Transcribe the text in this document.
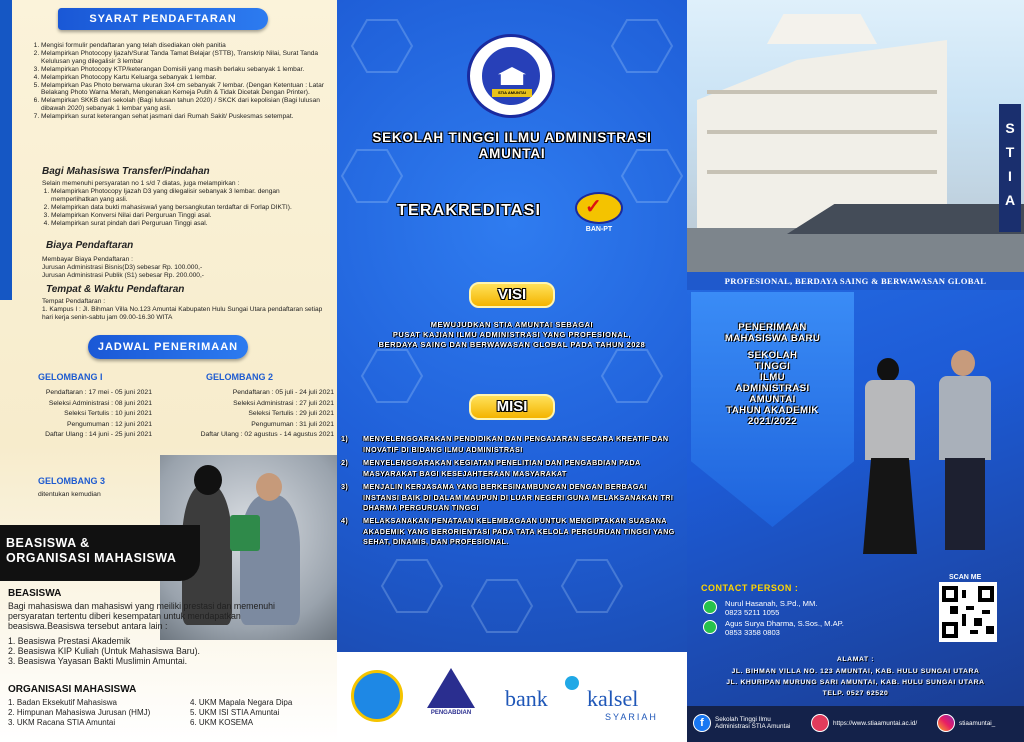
SYARAT PENDAFTARAN
1. Mengisi formulir pendaftaran yang telah disediakan oleh panitia
2. Melampirkan Photocopy Ijazah/Surat Tanda Tamat Belajar (STTB), Transkrip Nilai, Surat Tanda Kelulusan yang dilegalisir 3 lembar
3. Melampirkan Photocopy KTP/keterangan Domisili yang masih berlaku sebanyak 1 lembar.
4. Melampirkan Photocopy Kartu Keluarga sebanyak 1 lembar.
5. Melampirkan Pas Photo berwarna ukuran 3x4 cm sebanyak 7 lembar. (Dengan Ketentuan : Latar Belakang Photo Warna Merah, Mengenakan Kemeja Putih & Tidak Dicetak Dengan Printer).
6. Melampirkan SKKB dari sekolah (Bagi lulusan tahun 2020) / SKCK dari kepolisian (Bagi lulusan dibawah 2020) sebanyak 1 lembar yang asli.
7. Melampirkan surat keterangan sehat jasmani dari Rumah Sakit/ Puskesmas setempat.
Bagi Mahasiswa Transfer/Pindahan
Selain memenuhi persyaratan no 1 s/d 7 diatas, juga melampirkan :
1. Melampirkan Photocopy Ijazah D3 yang dilegalisir sebanyak 3 lembar. dengan memperlihatkan yang asli.
2. Melampirkan data bukti mahasiswa/i yang bersangkutan terdaftar di Forlap DIKTI).
3. Melampirkan Konversi Nilai dari Perguruan Tinggi asal.
4. Melampirkan surat pindah dari Perguruan Tinggi asal.
Biaya Pendaftaran
Membayar Biaya Pendaftaran :
Jurusan Administrasi Bisnis(D3) sebesar Rp. 100.000,-
Jurusan Administrasi Publik (S1) sebesar Rp. 200.000,-
Tempat & Waktu Pendaftaran
Tempat Pendaftaran :
1. Kampus I : Jl. Bihman Villa No.123 Amuntai Kabupaten Hulu Sungai Utara pendaftaran setiap hari kerja senin-sabtu jam 09.00-16.30 WITA
JADWAL PENERIMAAN
GELOMBANG I
Pendaftaran : 17 mei - 05 juni 2021
Seleksi Administrasi : 08 juni 2021
Seleksi Tertulis : 10 juni 2021
Pengumuman : 12 juni 2021
Daftar Ulang : 14 juni - 25 juni 2021
GELOMBANG 2
Pendaftaran : 05 juli - 24 juli 2021
Seleksi Administrasi : 27 juli 2021
Seleksi Tertulis : 29 juli 2021
Pengumuman : 31 juli 2021
Daftar Ulang : 02 agustus - 14 agustus 2021
GELOMBANG 3
ditentukan kemudian
BEASISWA &
ORGANISASI MAHASISWA
BEASISWA
Bagi mahasiswa dan mahasiswi yang meiliki prestasi dan memenuhi persyaratan tertentu diberi kesempatan untuk mendapatkan beasiswa.Beasiswa tersebut antara lain :
1. Beasiswa Prestasi Akademik
2. Beasiswa KIP Kuliah (Untuk Mahasiswa Baru).
3. Beasiswa Yayasan Bakti Muslimin Amuntai.
ORGANISASI MAHASISWA
1. Badan Eksekutif Mahasiswa
2. Himpunan Mahasiswa Jurusan (HMJ)
3. UKM Racana STIA Amuntai
4. UKM Mapala Negara Dipa
5. UKM ISI STIA Amuntai
6. UKM KOSEMA
STIA AMUNTAI
SEKOLAH TINGGI ILMU ADMINISTRASI
AMUNTAI
TERAKREDITASI ✓
BAN-PT
VISI
MEWUJUDKAN STIA AMUNTAI SEBAGAI
PUSAT KAJIAN ILMU ADMINISTRASI YANG PROFESIONAL,
BERDAYA SAING DAN BERWAWASAN GLOBAL PADA TAHUN 2028
MISI
1)	MENYELENGGARAKAN PENDIDIKAN DAN PENGAJARAN SECARA KREATIF DAN INOVATIF DI BIDANG ILMU ADMINISTRASI
2)	MENYELENGGARAKAN KEGIATAN PENELITIAN DAN PENGABDIAN PADA MASYARAKAT BAGI KESEJAHTERAAN MASYARAKAT
3)	MENJALIN KERJASAMA YANG BERKESINAMBUNGAN DENGAN BERBAGAI INSTANSI BAIK DI DALAM MAUPUN DI LUAR NEGERI GUNA MELAKSANAKAN TRI DHARMA PERGURUAN TINGGI
4)	MELAKSANAKAN PENATAAN KELEMBAGAAN UNTUK MENCIPTAKAN SUASANA AKADEMIK YANG BERORIENTASI PADA TATA KELOLA PERGURUAN TINGGI YANG SEHAT, DINAMIS, DAN PROFESIONAL.
PENGABDIAN
bank kalsel
SYARIAH
S
T
I
A
PROFESIONAL, BERDAYA SAING & BERWAWASAN GLOBAL
PENERIMAAN
MAHASISWA BARU
SEKOLAH
TINGGI
ILMU
ADMINISTRASI
AMUNTAI
TAHUN AKADEMIK
2021/2022
CONTACT PERSON :
Nurul Hasanah, S.Pd., MM.
0823 5211 1055
Agus Surya Dharma, S.Sos., M.AP.
0853 3358 0803
SCAN ME
ALAMAT :
JL. BIHMAN VILLA NO. 123 AMUNTAI, KAB. HULU SUNGAI UTARA
JL. KHURIPAN MURUNG SARI AMUNTAI, KAB. HULU SUNGAI UTARA
TELP. 0527 62520
f	Sekolah Tinggi Ilmu Administrasi STIA Amuntai	https://www.stiaamuntai.ac.id/	stiaamuntai_
